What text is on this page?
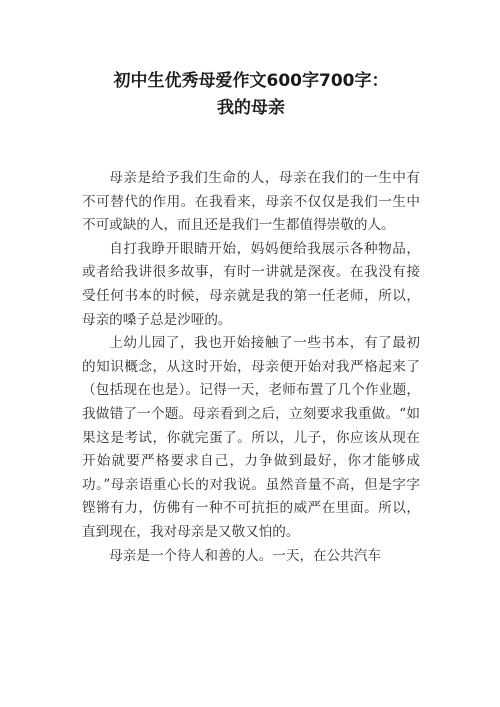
初中生优秀母爱作文600字700字：
我的母亲

母亲是给予我们生命的人，母亲在我们的一生中有不可替代的作用。在我看来，母亲不仅仅是我们一生中不可或缺的人，而且还是我们一生都值得崇敬的人。

自打我睁开眼睛开始，妈妈便给我展示各种物品，或者给我讲很多故事，有时一讲就是深夜。在我没有接受任何书本的时候，母亲就是我的第一任老师，所以，母亲的嗓子总是沙哑的。

上幼儿园了，我也开始接触了一些书本，有了最初的知识概念，从这时开始，母亲便开始对我严格起来了（包括现在也是）。记得一天，老师布置了几个作业题，我做错了一个题。母亲看到之后，立刻要求我重做。“如果这是考试，你就完蛋了。所以，儿子，你应该从现在开始就要严格要求自己，力争做到最好，你才能够成功。”母亲语重心长的对我说。虽然音量不高，但是字字铿锵有力，仿佛有一种不可抗拒的威严在里面。所以，直到现在，我对母亲是又敬又怕的。

母亲是一个待人和善的人。一天，在公共汽车
